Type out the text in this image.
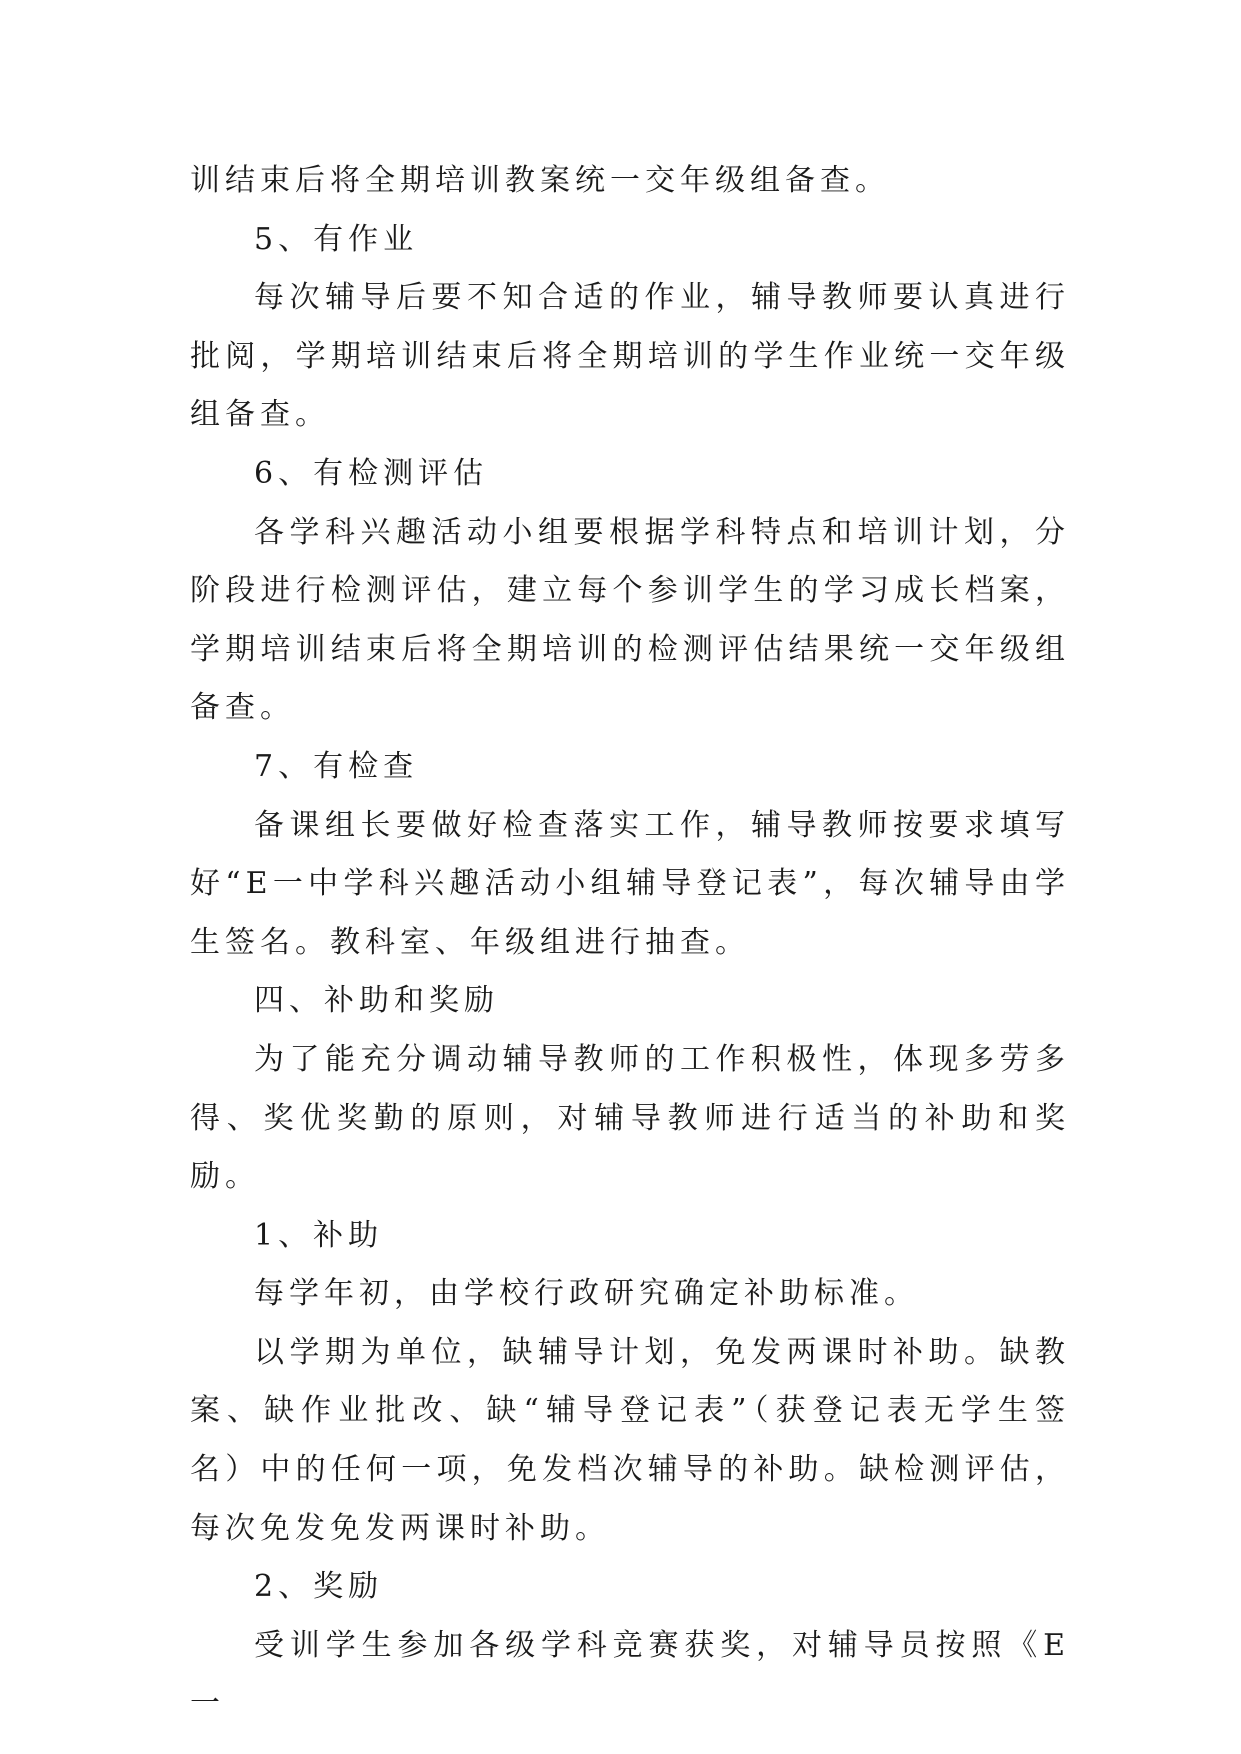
训结束后将全期培训教案统一交年级组备查。

5、有作业

每次辅导后要不知合适的作业，辅导教师要认真进行批阅，学期培训结束后将全期培训的学生作业统一交年级组备查。

6、有检测评估

各学科兴趣活动小组要根据学科特点和培训计划，分阶段进行检测评估，建立每个参训学生的学习成长档案，学期培训结束后将全期培训的检测评估结果统一交年级组备查。

7、有检查

备课组长要做好检查落实工作，辅导教师按要求填写好“E一中学科兴趣活动小组辅导登记表”，每次辅导由学生签名。教科室、年级组进行抽查。

四、补助和奖励

为了能充分调动辅导教师的工作积极性，体现多劳多得、奖优奖勤的原则，对辅导教师进行适当的补助和奖励。

1、补助

每学年初，由学校行政研究确定补助标准。

以学期为单位，缺辅导计划，免发两课时补助。缺教案、缺作业批改、缺“辅导登记表”（获登记表无学生签名）中的任何一项，免发档次辅导的补助。缺检测评估，每次免发免发两课时补助。

2、奖励

受训学生参加各级学科竞赛获奖，对辅导员按照《E一
